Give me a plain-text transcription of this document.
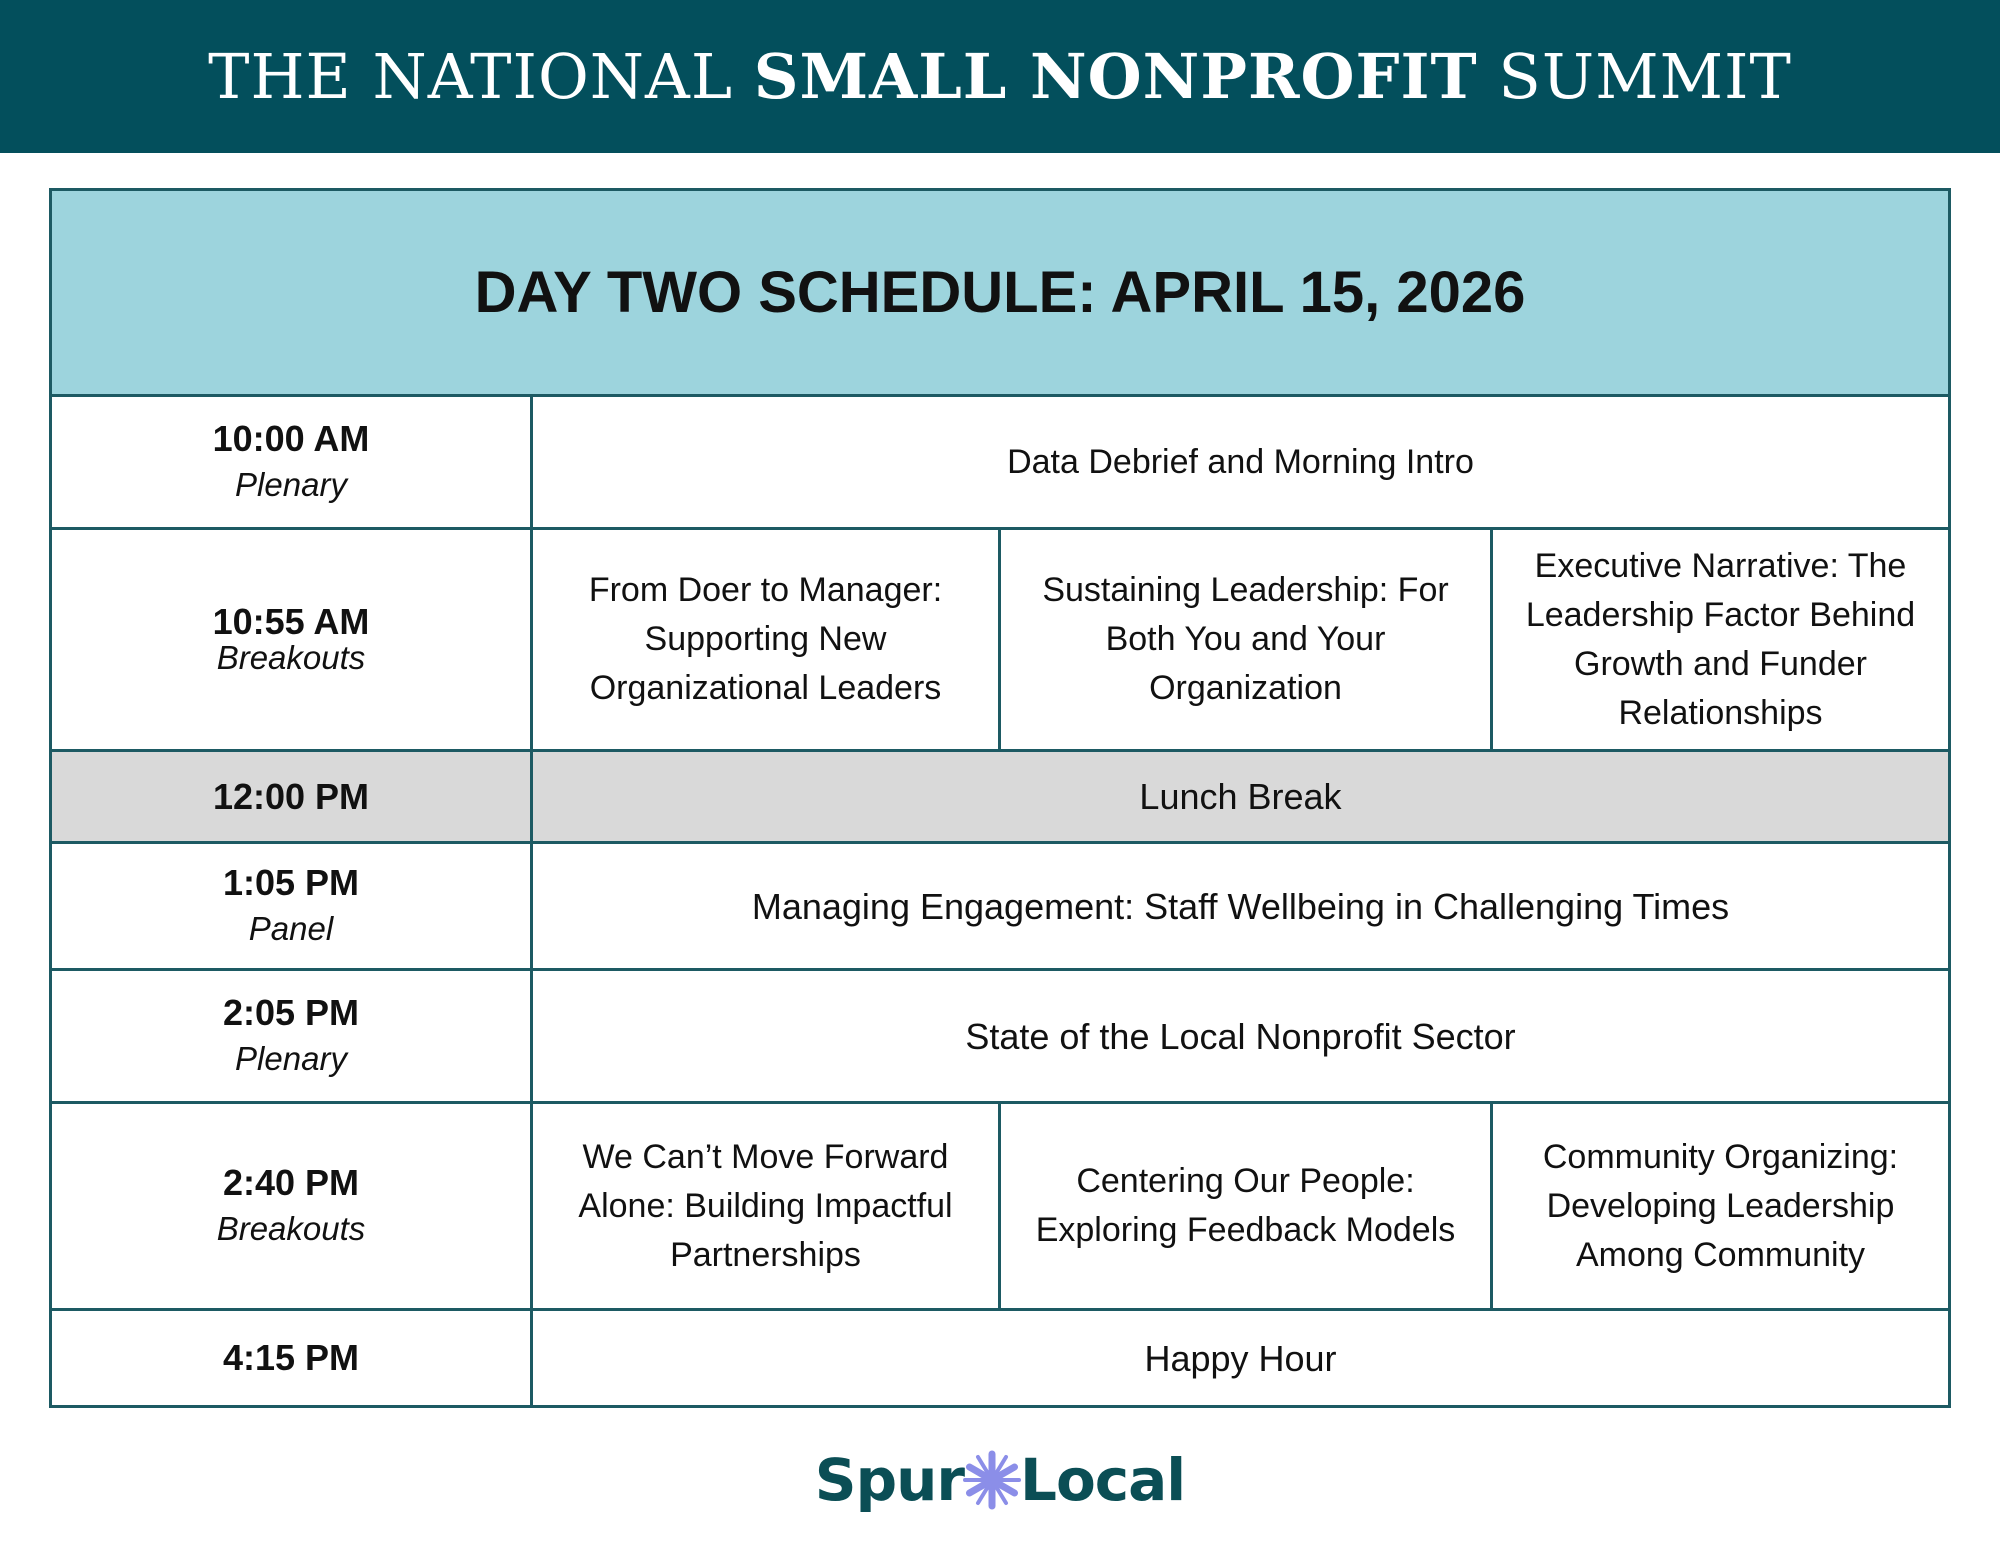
THE NATIONAL SMALL NONPROFIT SUMMIT
DAY TWO SCHEDULE: APRIL 15, 2026
10:00 AM
Plenary
Data Debrief and Morning Intro
10:55 AM
Breakouts
From Doer to Manager: Supporting New Organizational Leaders
Sustaining Leadership: For Both You and Your Organization
Executive Narrative: The Leadership Factor Behind Growth and Funder Relationships
12:00 PM	Lunch Break
1:05 PM
Panel
Managing Engagement: Staff Wellbeing in Challenging Times
2:05 PM
Plenary
State of the Local Nonprofit Sector
2:40 PM
Breakouts
We Can’t Move Forward Alone: Building Impactful Partnerships
Centering Our People: Exploring Feedback Models
Community Organizing: Developing Leadership Among Community
4:15 PM	Happy Hour
Spur Local
